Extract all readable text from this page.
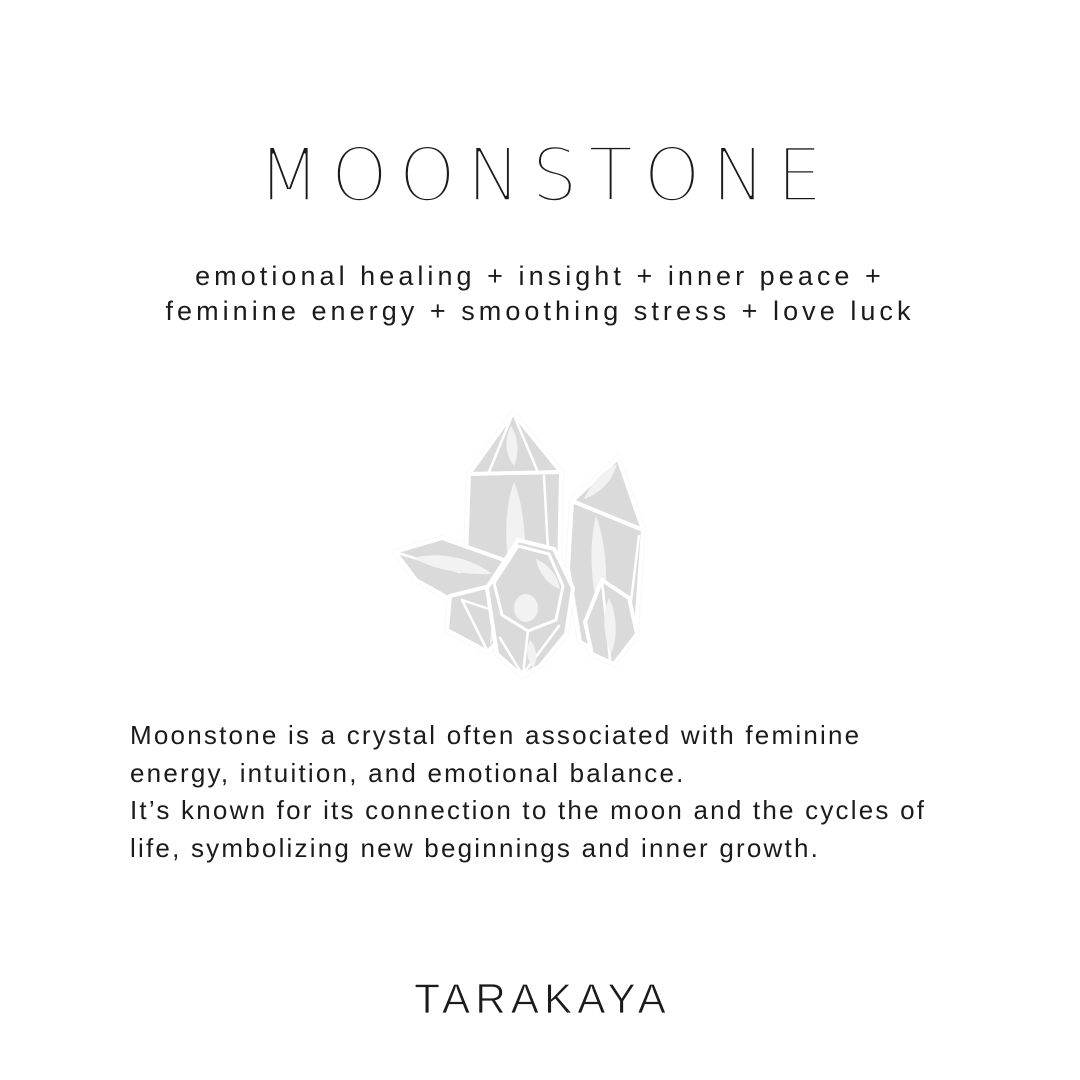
MOONSTONE
emotional healing + insight + inner peace +
feminine energy + smoothing stress + love luck
Moonstone is a crystal often associated with feminine
energy, intuition, and emotional balance.
It’s known for its connection to the moon and the cycles of
life, symbolizing new beginnings and inner growth.
TARAKAYA
